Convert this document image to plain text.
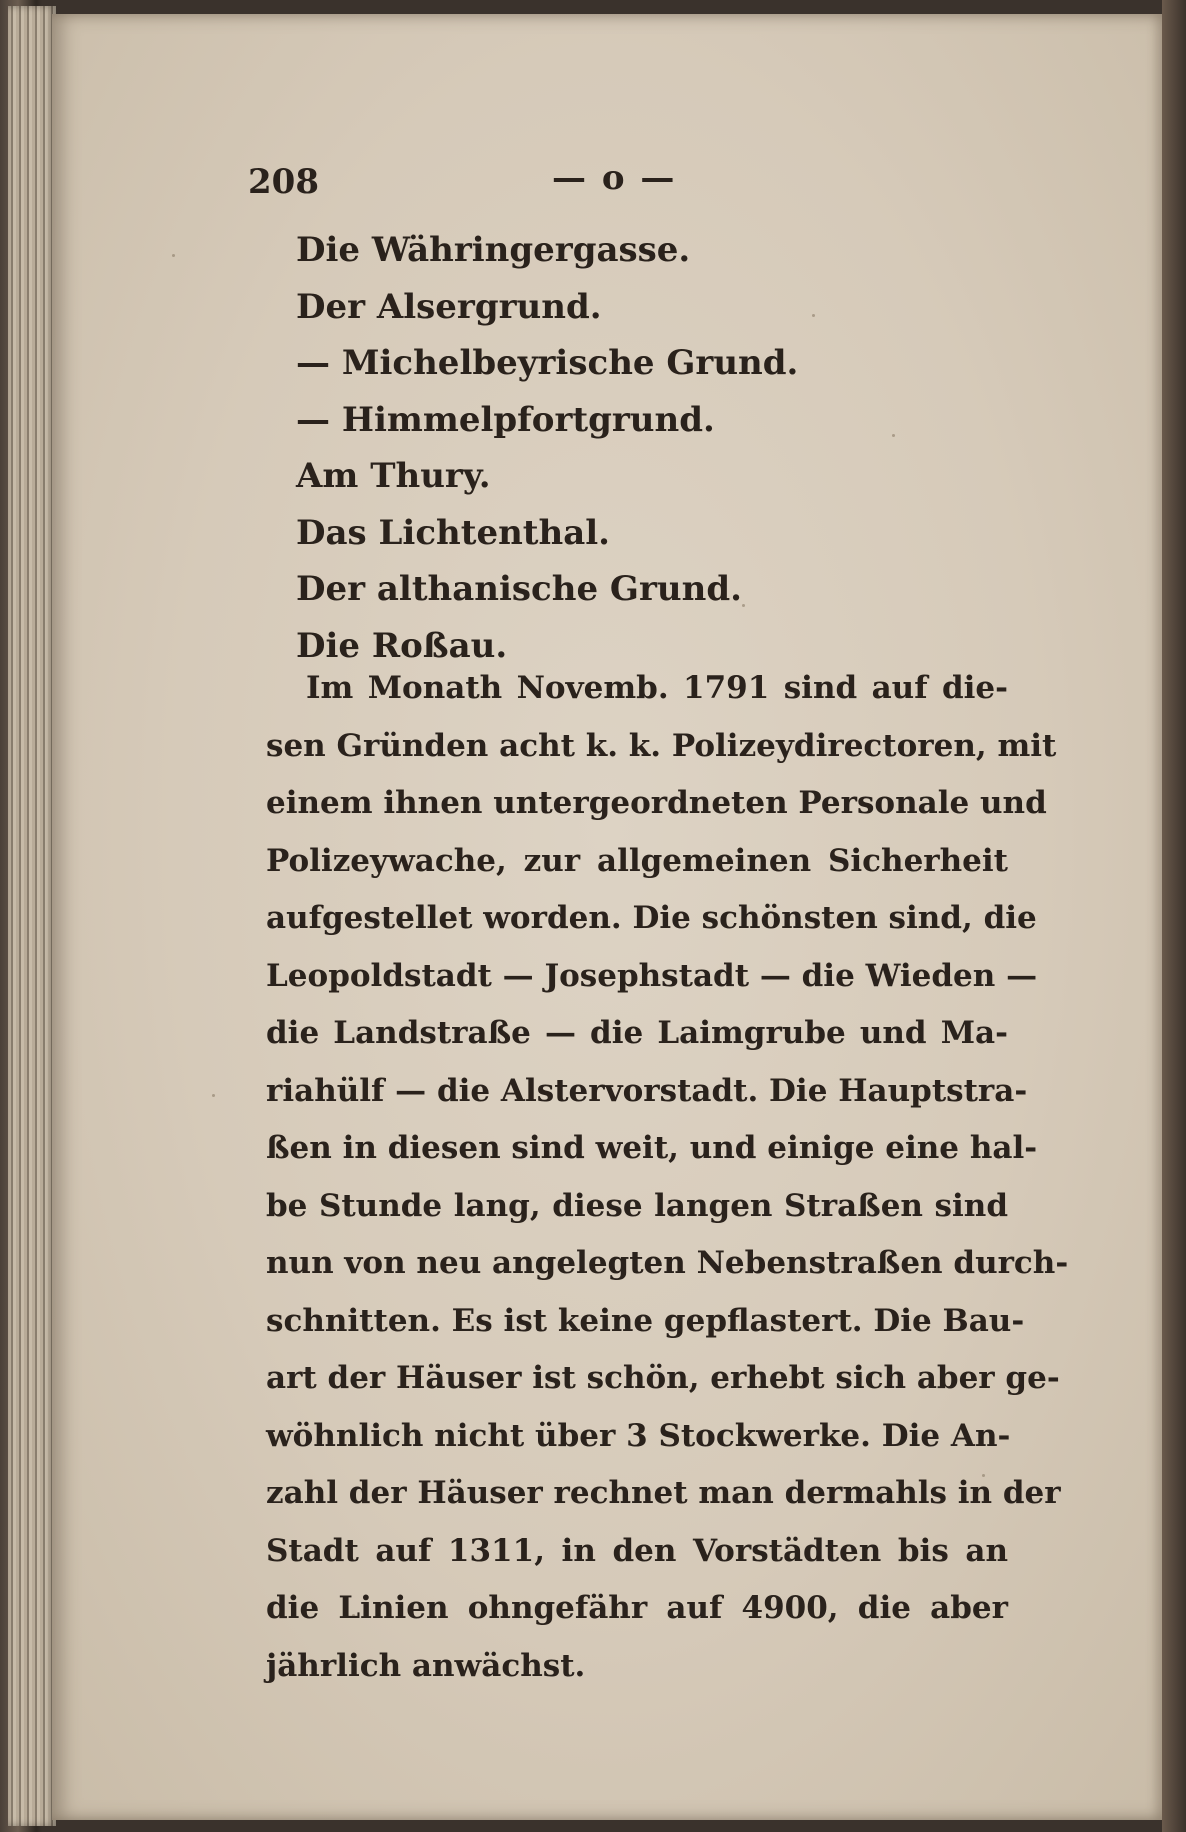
208	— o —
Die Währingergasse.
Der Alsergrund.
— Michelbeyrische Grund.
— Himmelpfortgrund.
Am Thury.
Das Lichtenthal.
Der althanische Grund.
Die Roßau.
Im Monath Novemb. 1791 sind auf die-
sen Gründen acht k. k. Polizeydirectoren, mit
einem ihnen untergeordneten Personale und
Polizeywache, zur allgemeinen Sicherheit
aufgestellet worden. Die schönsten sind, die
Leopoldstadt — Josephstadt — die Wieden —
die Landstraße — die Laimgrube und Ma-
riahülf — die Alstervorstadt. Die Hauptstra-
ßen in diesen sind weit, und einige eine hal-
be Stunde lang, diese langen Straßen sind
nun von neu angelegten Nebenstraßen durch-
schnitten. Es ist keine gepflastert. Die Bau-
art der Häuser ist schön, erhebt sich aber ge-
wöhnlich nicht über 3 Stockwerke. Die An-
zahl der Häuser rechnet man dermahls in der
Stadt auf 1311, in den Vorstädten bis an
die Linien ohngefähr auf 4900, die aber
jährlich anwächst.
